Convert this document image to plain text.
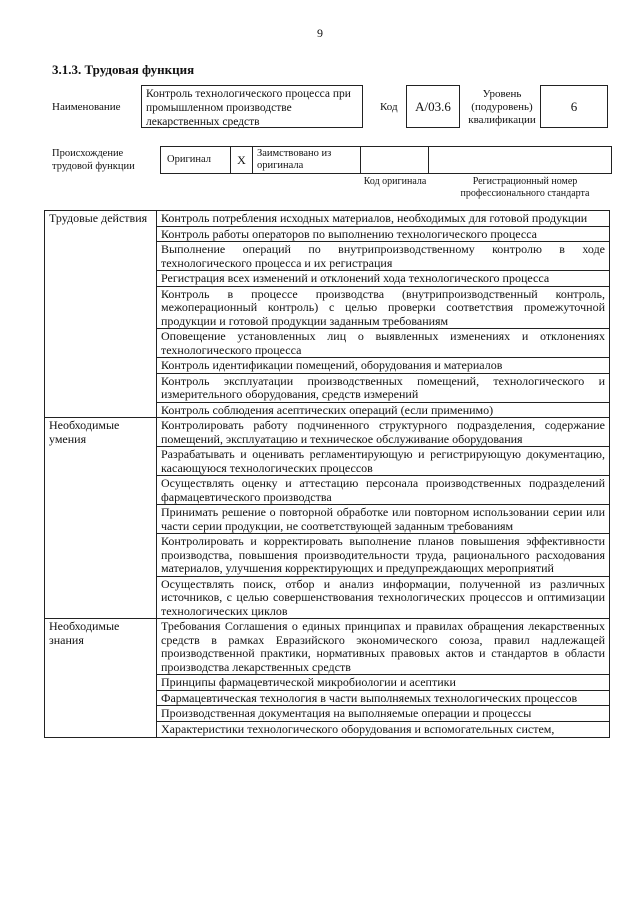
9
3.1.3. Трудовая функция
Наименование
Контроль технологического процесса при промышленном производстве лекарственных средств
Код	A/03.6
Уровень (подуровень) квалификации
6
Происхождение трудовой функции
Оригинал	X	Заимствовано из оригинала
Код оригинала	Регистрационный номер профессионального стандарта
Трудовые действия	Контроль потребления исходных материалов, необходимых для готовой продукции
	Контроль работы операторов по выполнению технологического процесса
	Выполнение операций по внутрипроизводственному контролю в ходе технологического процесса и их регистрация
	Регистрация всех изменений и отклонений хода технологического процесса
	Контроль в процессе производства (внутрипроизводственный контроль, межоперационный контроль) с целью проверки соответствия промежуточной продукции и готовой продукции заданным требованиям
	Оповещение установленных лиц о выявленных изменениях и отклонениях технологического процесса
	Контроль идентификации помещений, оборудования и материалов
	Контроль эксплуатации производственных помещений, технологического и измерительного оборудования, средств измерений
	Контроль соблюдения асептических операций (если применимо)
Необходимые умения	Контролировать работу подчиненного структурного подразделения, содержание помещений, эксплуатацию и техническое обслуживание оборудования
	Разрабатывать и оценивать регламентирующую и регистрирующую документацию, касающуюся технологических процессов
	Осуществлять оценку и аттестацию персонала производственных подразделений фармацевтического производства
	Принимать решение о повторной обработке или повторном использовании серии или части серии продукции, не соответствующей заданным требованиям
	Контролировать и корректировать выполнение планов повышения эффективности производства, повышения производительности труда, рационального расходования материалов, улучшения корректирующих и предупреждающих мероприятий
	Осуществлять поиск, отбор и анализ информации, полученной из различных источников, с целью совершенствования технологических процессов и оптимизации технологических циклов
Необходимые знания	Требования Соглашения о единых принципах и правилах обращения лекарственных средств в рамках Евразийского экономического союза, правил надлежащей производственной практики, нормативных правовых актов и стандартов в области производства лекарственных средств
	Принципы фармацевтической микробиологии и асептики
	Фармацевтическая технология в части выполняемых технологических процессов
	Производственная документация на выполняемые операции и процессы
	Характеристики технологического оборудования и вспомогательных систем,
